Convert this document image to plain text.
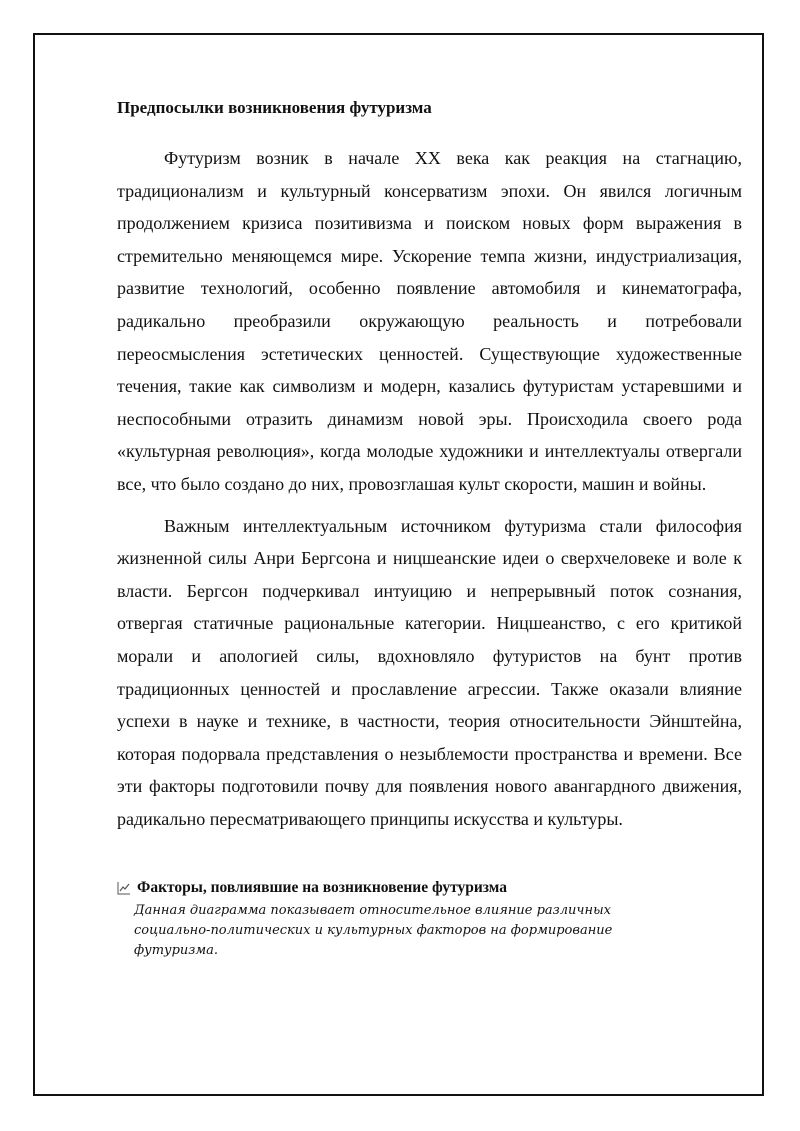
Предпосылки возникновения футуризма

Футуризм возник в начале XX века как реакция на стагнацию, традиционализм и культурный консерватизм эпохи. Он явился логичным продолжением кризиса позитивизма и поиском новых форм выражения в стремительно меняющемся мире. Ускорение темпа жизни, индустриализация, развитие технологий, особенно появление автомобиля и кинематографа, радикально преобразили окружающую реальность и потребовали переосмысления эстетических ценностей. Существующие художественные течения, такие как символизм и модерн, казались футуристам устаревшими и неспособными отразить динамизм новой эры. Происходила своего рода «культурная революция», когда молодые художники и интеллектуалы отвергали все, что было создано до них, провозглашая культ скорости, машин и войны.

Важным интеллектуальным источником футуризма стали философия жизненной силы Анри Бергсона и ницшеанские идеи о сверхчеловеке и воле к власти. Бергсон подчеркивал интуицию и непрерывный поток сознания, отвергая статичные рациональные категории. Ницшеанство, с его критикой морали и апологией силы, вдохновляло футуристов на бунт против традиционных ценностей и прославление агрессии. Также оказали влияние успехи в науке и технике, в частности, теория относительности Эйнштейна, которая подорвала представления о незыблемости пространства и времени. Все эти факторы подготовили почву для появления нового авангардного движения, радикально пересматривающего принципы искусства и культуры.

Факторы, повлиявшие на возникновение футуризма
Данная диаграмма показывает относительное влияние различных социально-политических и культурных факторов на формирование футуризма.
